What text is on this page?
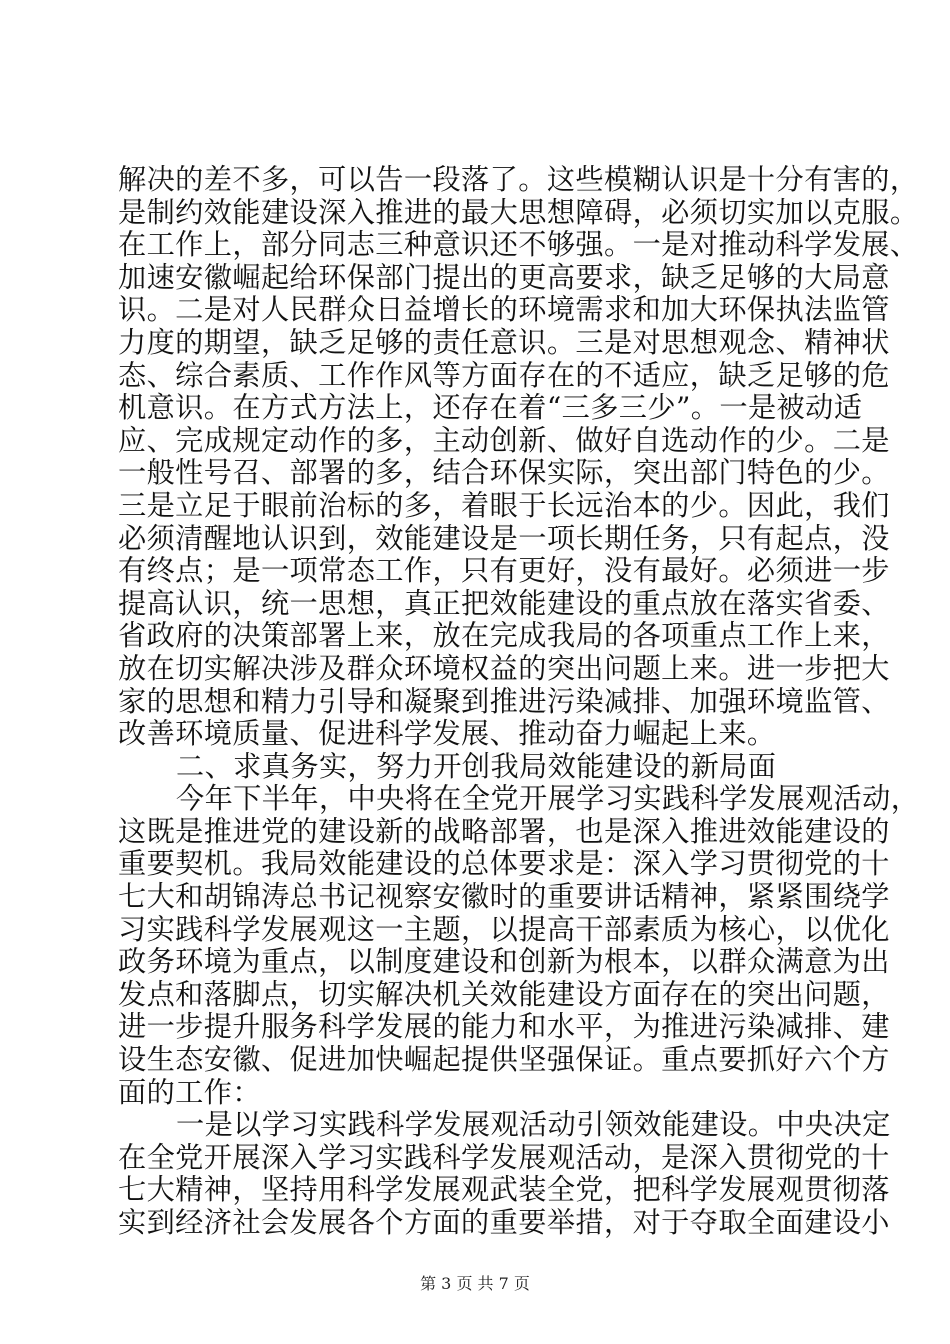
解决的差不多，可以告一段落了。这些模糊认识是十分有害的，
是制约效能建设深入推进的最大思想障碍，必须切实加以克服。
在工作上，部分同志三种意识还不够强。一是对推动科学发展、
加速安徽崛起给环保部门提出的更高要求，缺乏足够的大局意
识。二是对人民群众日益增长的环境需求和加大环保执法监管
力度的期望，缺乏足够的责任意识。三是对思想观念、精神状
态、综合素质、工作作风等方面存在的不适应，缺乏足够的危
机意识。在方式方法上，还存在着“三多三少”。一是被动适
应、完成规定动作的多，主动创新、做好自选动作的少。二是
一般性号召、部署的多，结合环保实际，突出部门特色的少。
三是立足于眼前治标的多，着眼于长远治本的少。因此，我们
必须清醒地认识到，效能建设是一项长期任务，只有起点，没
有终点；是一项常态工作，只有更好，没有最好。必须进一步
提高认识，统一思想，真正把效能建设的重点放在落实省委、
省政府的决策部署上来，放在完成我局的各项重点工作上来，
放在切实解决涉及群众环境权益的突出问题上来。进一步把大
家的思想和精力引导和凝聚到推进污染减排、加强环境监管、
改善环境质量、促进科学发展、推动奋力崛起上来。
二、求真务实，努力开创我局效能建设的新局面
今年下半年，中央将在全党开展学习实践科学发展观活动，
这既是推进党的建设新的战略部署，也是深入推进效能建设的
重要契机。我局效能建设的总体要求是：深入学习贯彻党的十
七大和胡锦涛总书记视察安徽时的重要讲话精神，紧紧围绕学
习实践科学发展观这一主题，以提高干部素质为核心，以优化
政务环境为重点，以制度建设和创新为根本，以群众满意为出
发点和落脚点，切实解决机关效能建设方面存在的突出问题，
进一步提升服务科学发展的能力和水平，为推进污染减排、建
设生态安徽、促进加快崛起提供坚强保证。重点要抓好六个方
面的工作：
一是以学习实践科学发展观活动引领效能建设。中央决定
在全党开展深入学习实践科学发展观活动，是深入贯彻党的十
七大精神，坚持用科学发展观武装全党，把科学发展观贯彻落
实到经济社会发展各个方面的重要举措，对于夺取全面建设小
第 3 页 共 7 页
